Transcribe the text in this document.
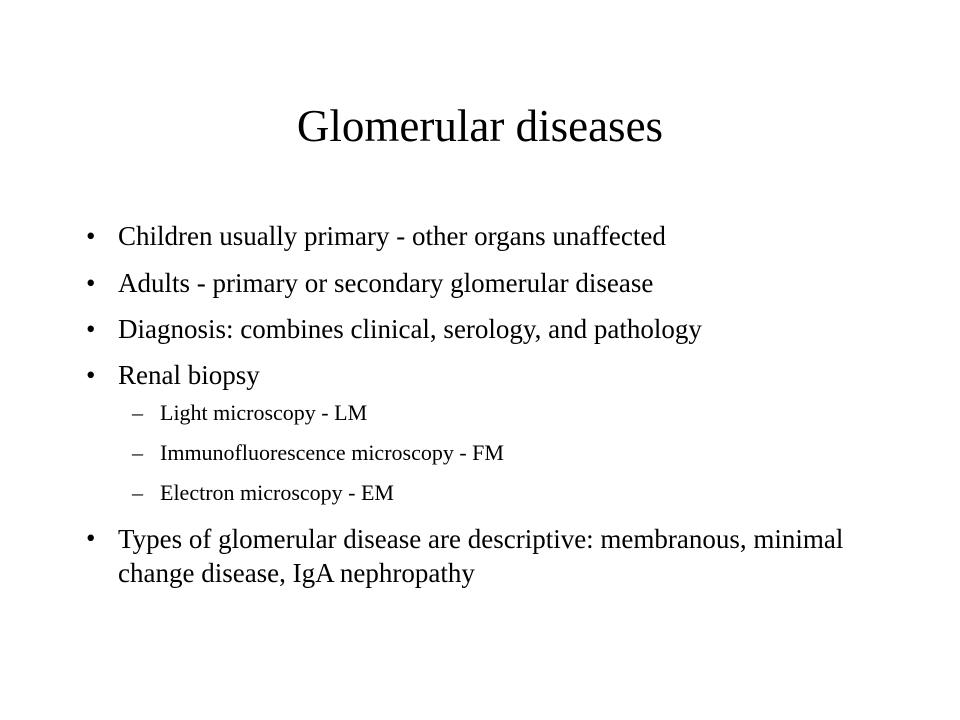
Glomerular diseases
• Children usually primary - other organs unaffected
• Adults - primary or secondary glomerular disease
• Diagnosis: combines clinical, serology, and pathology
• Renal biopsy
– Light microscopy - LM
– Immunofluorescence microscopy - FM
– Electron microscopy - EM
• Types of glomerular disease are descriptive: membranous, minimal change disease, IgA nephropathy
